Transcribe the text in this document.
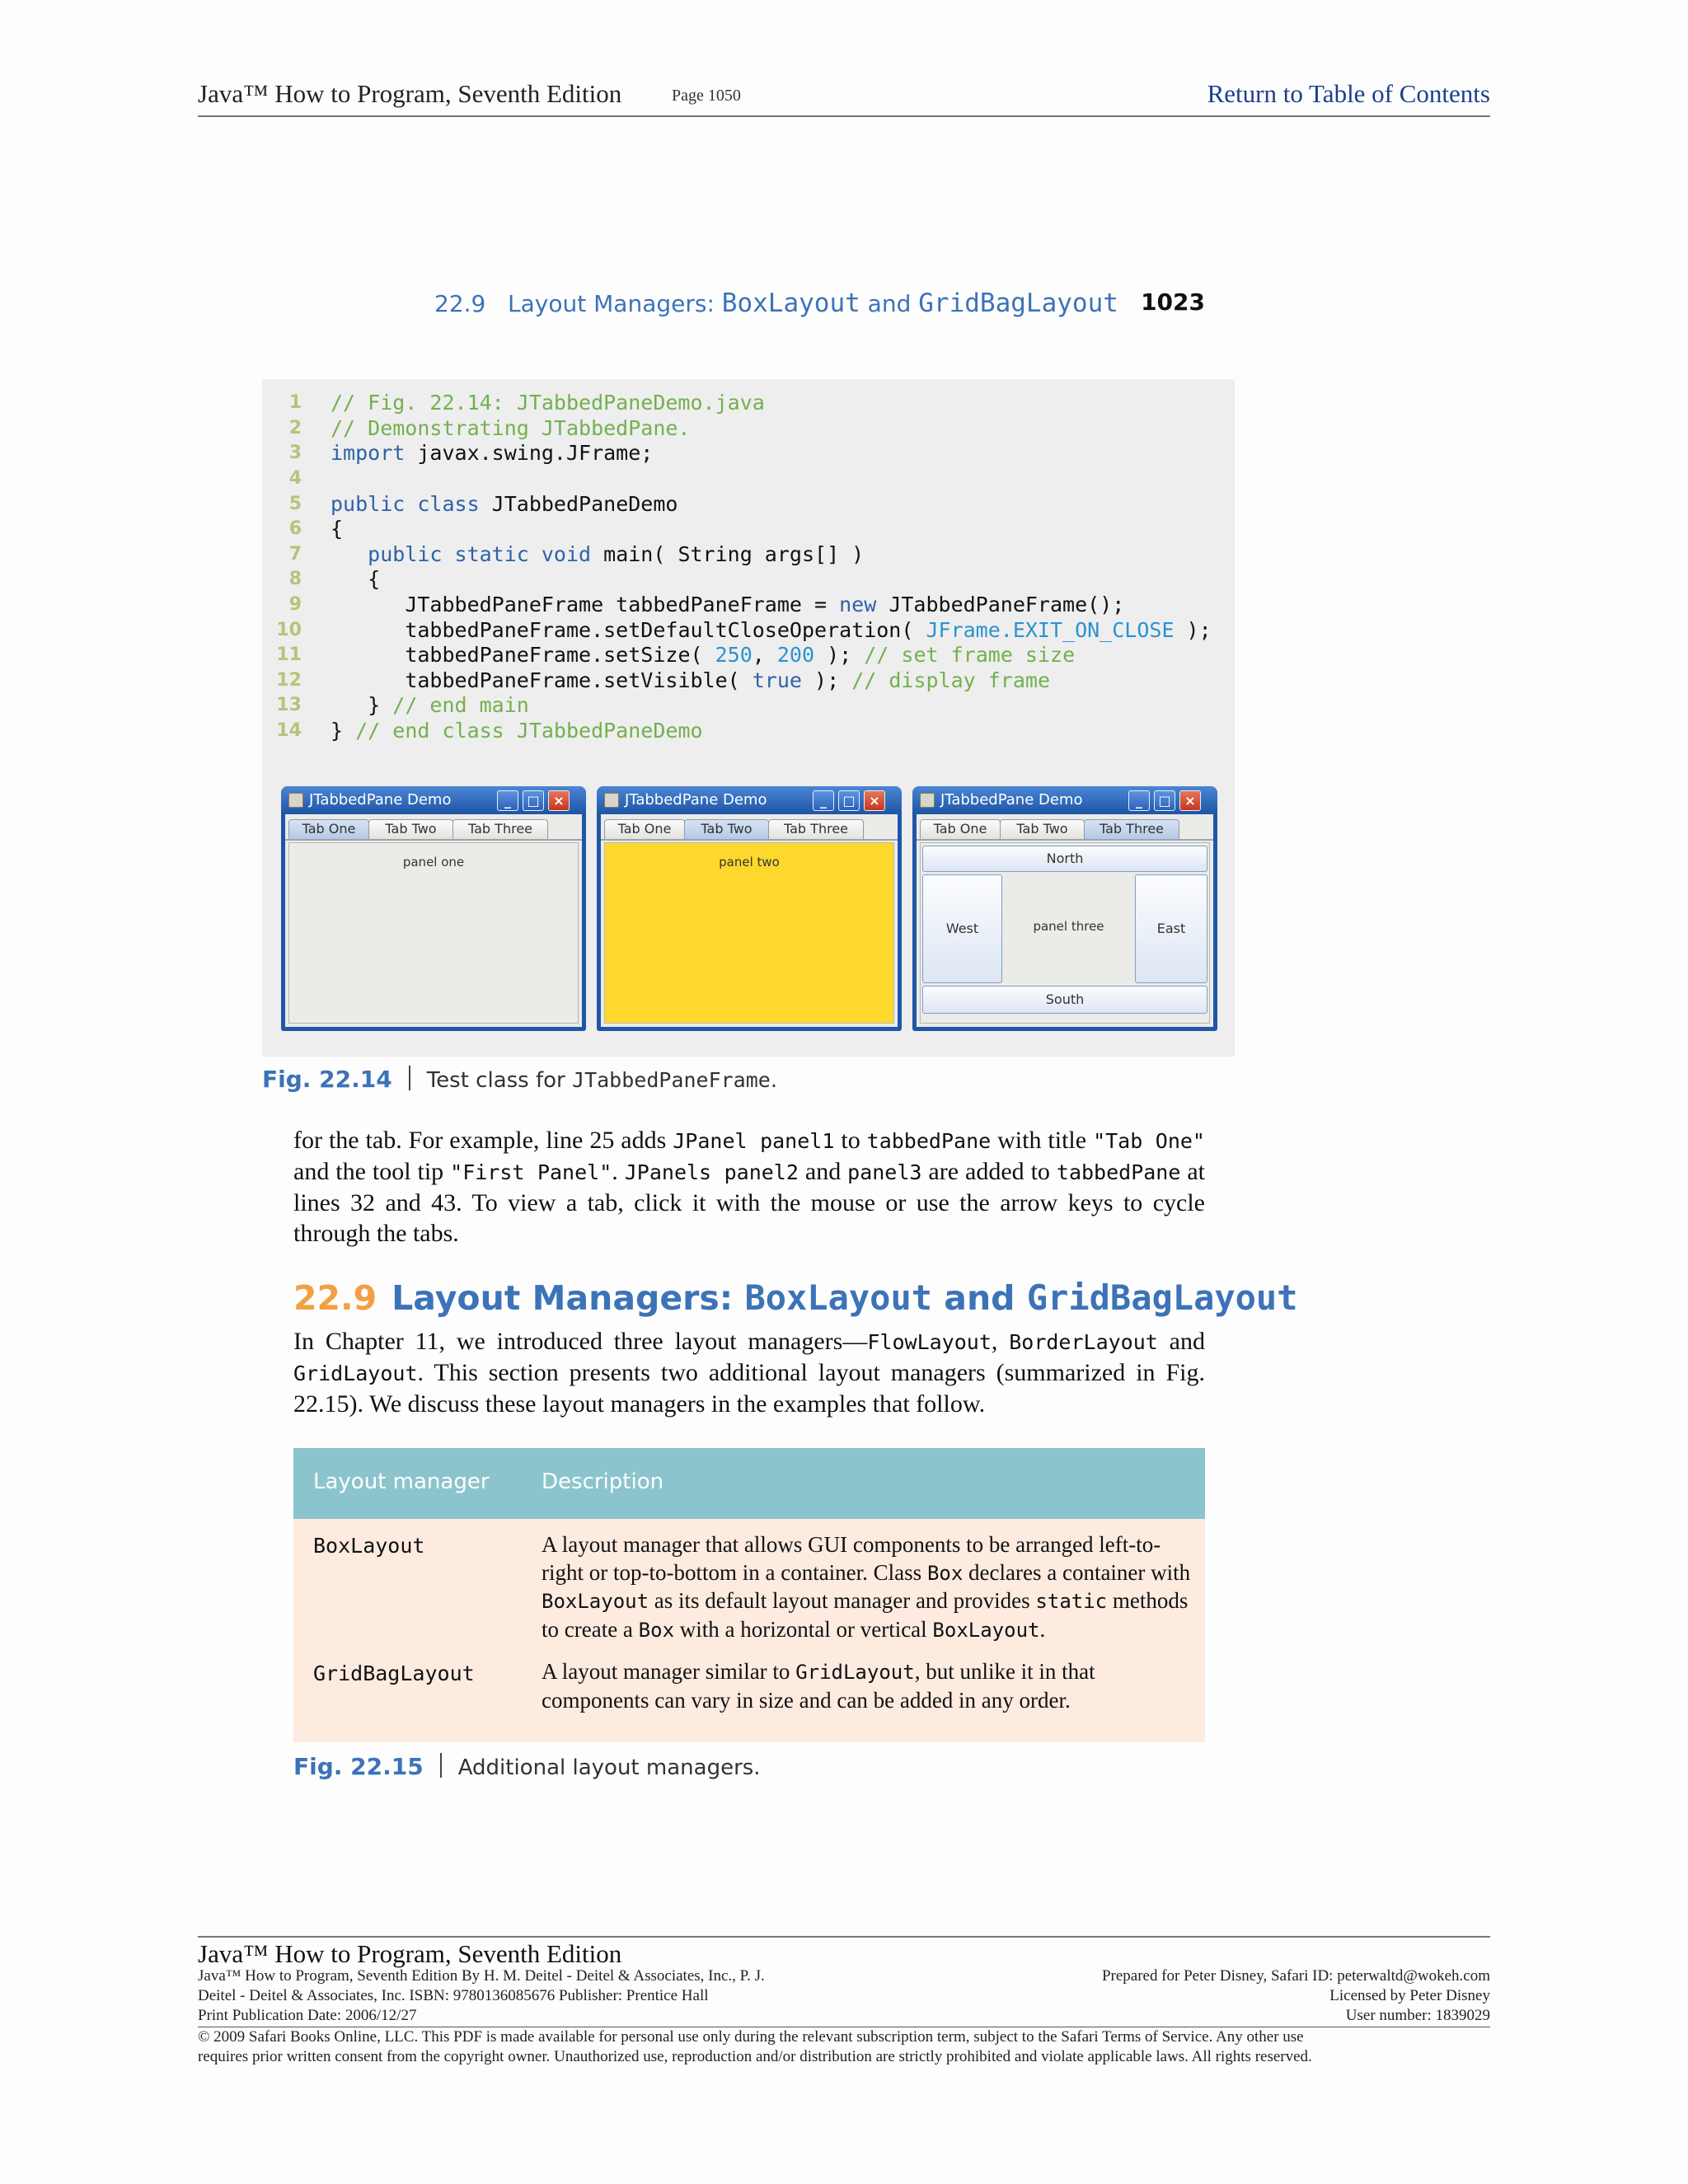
Java™ How to Program, Seventh Edition	Page 1050	Return to Table of Contents
22.9 Layout Managers: BoxLayout and GridBagLayout 1023
1 // Fig. 22.14: JTabbedPaneDemo.java
2 // Demonstrating JTabbedPane.
3 import javax.swing.JFrame;
4
5 public class JTabbedPaneDemo
6 {
7	public static void main( String args[] )
8	{
9	JTabbedPaneFrame tabbedPaneFrame = new JTabbedPaneFrame();
10	tabbedPaneFrame.setDefaultCloseOperation( JFrame.EXIT_ON_CLOSE );
11	tabbedPaneFrame.setSize( 250, 200 ); // set frame size
12	tabbedPaneFrame.setVisible( true ); // display frame
13	} // end main
14 } // end class JTabbedPaneDemo
JTabbedPane Demo	_	□	×
Tab One	Tab Two	Tab Three
panel one
JTabbedPane Demo	_	□	×
Tab One	Tab Two	Tab Three
panel two
JTabbedPane Demo	_	□	×
Tab One	Tab Two	Tab Three
North
West	East
panel three
South
Fig. 22.14 Test class for JTabbedPaneFrame.
for the tab. For example, line 25 adds JPanel panel1 to tabbedPane with title "Tab One" and the tool tip "First Panel". JPanels panel2 and panel3 are added to tabbedPane at lines 32 and 43. To view a tab, click it with the mouse or use the arrow keys to cycle through the tabs.
22.9 Layout Managers: BoxLayout and GridBagLayout
In Chapter 11, we introduced three layout managers—FlowLayout, BorderLayout and GridLayout. This section presents two additional layout managers (summarized in Fig. 22.15). We discuss these layout managers in the examples that follow.
Layout manager Description
BoxLayout	A layout manager that allows GUI components to be arranged left-to-right or top-to-bottom in a container. Class Box declares a container with BoxLayout as its default layout manager and provides static methods to create a Box with a horizontal or vertical BoxLayout.
GridBagLayout	A layout manager similar to GridLayout, but unlike it in that components can vary in size and can be added in any order.
Fig. 22.15 Additional layout managers.
Java™ How to Program, Seventh Edition
Java™ How to Program, Seventh Edition By H. M. Deitel - Deitel & Associates, Inc., P. J.
Deitel - Deitel & Associates, Inc. ISBN: 9780136085676 Publisher: Prentice Hall
Print Publication Date: 2006/12/27
Prepared for Peter Disney, Safari ID: peterwaltd@wokeh.com
Licensed by Peter Disney
User number: 1839029
© 2009 Safari Books Online, LLC. This PDF is made available for personal use only during the relevant subscription term, subject to the Safari Terms of Service. Any other use
requires prior written consent from the copyright owner. Unauthorized use, reproduction and/or distribution are strictly prohibited and violate applicable laws. All rights reserved.
